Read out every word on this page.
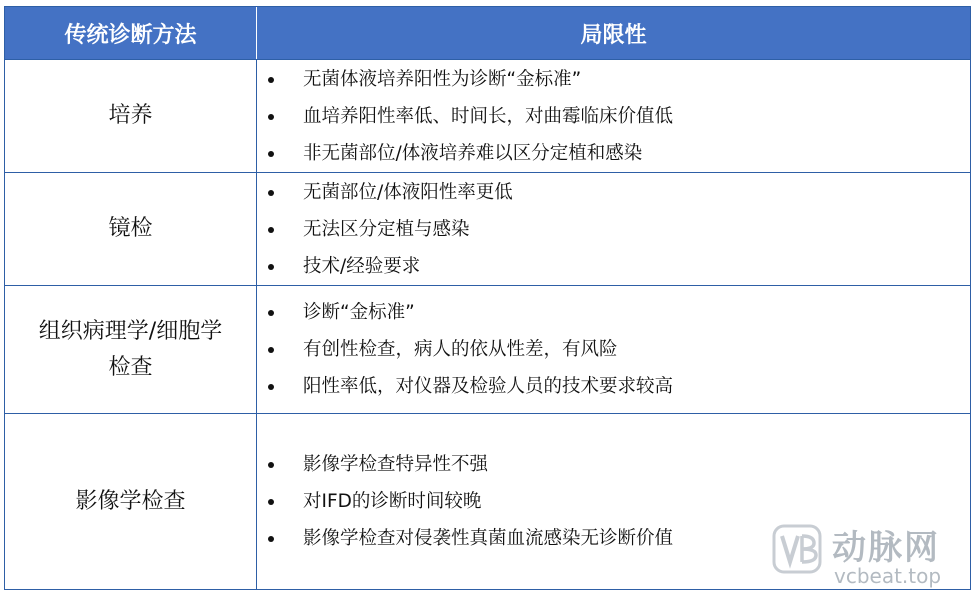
传统诊断方法	局限性
培养
无菌体液培养阳性为诊断“金标准”
血培养阳性率低、时间长，对曲霉临床价值低
非无菌部位/体液培养难以区分定植和感染
镜检
无菌部位/体液阳性率更低
无法区分定植与感染
技术/经验要求
组织病理学/细胞学
检查
诊断“金标准”
有创性检查，病人的依从性差，有风险
阳性率低，对仪器及检验人员的技术要求较高
影像学检查
影像学检查特异性不强
对IFD的诊断时间较晚
影像学检查对侵袭性真菌血流感染无诊断价值	动脉网
vcbeat.top
